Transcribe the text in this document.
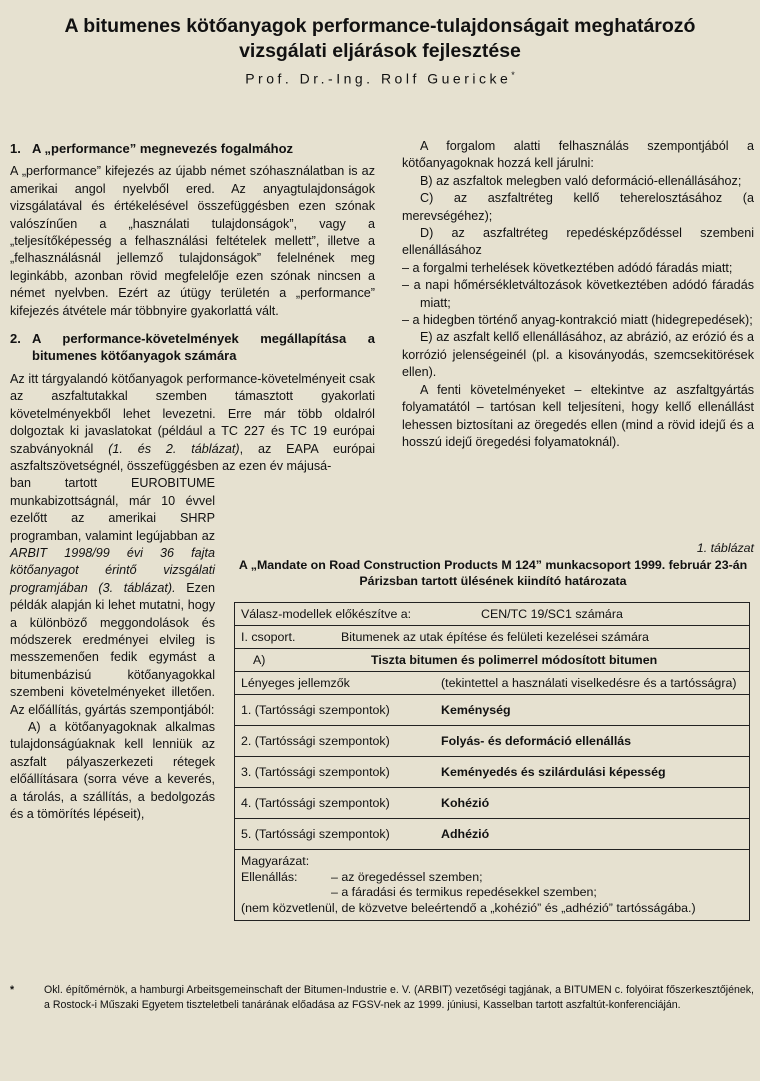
A bitumenes kötőanyagok performance-tulajdonságait meghatározó vizsgálati eljárások fejlesztése
Prof. Dr.-Ing. Rolf Guericke*

1. A „performance” megnevezés fogalmához

A „performance” kifejezés az újabb német szóhasználatban is az amerikai angol nyelvből ered. Az anyagtulajdonságok vizsgálatával és értékelésével összefüggésben ezen szónak valószínűen a „használati tulajdonságok”, vagy a „teljesítőképesség a felhasználási feltételek mellett”, illetve a „felhasználásnál jellemző tulajdonságok” felelnének meg leginkább, azonban rövid megfelelője ezen szónak nincsen a német nyelvben. Ezért az útügy területén a „performance” kifejezés átvétele már többnyire gyakorlattá vált.

2. A performance-követelmények megállapítása a bitumenes kötőanyagok számára

Az itt tárgyalandó kötőanyagok performance-követelményeit csak az aszfaltutakkal szemben támasztott gyakorlati követelményekből lehet levezetni. Erre már több oldalról dolgoztak ki javaslatokat (például a TC 227 és TC 19 európai szabványoknál (1. és 2. táblázat), az EAPA európai aszfaltszövetségnél, összefüggésben az ezen év májusá-

ban tartott EUROBITUME munkabizottságnál, már 10 évvel ezelőtt az amerikai SHRP programban, valamint legújabban az ARBIT 1998/99 évi 36 fajta kötőanyagot érintő vizsgálati programjában (3. táblázat). Ezen példák alapján ki lehet mutatni, hogy a különböző meggondolások és módszerek eredményei elvileg is messzemenően fedik egymást a bitumenbázisú kötőanyagokkal szembeni követelményeket illetően. Az előállítás, gyártás szempontjából:

A) a kötőanyagoknak alkalmas tulajdonságúaknak kell lenniük az aszfalt pályaszerkezeti rétegek előállításara (sorra véve a keverés, a tárolás, a szállítás, a bedolgozás és a tömörítés lépéseit),

A forgalom alatti felhasználás szempontjából a kötőanyagoknak hozzá kell járulni:

B) az aszfaltok melegben való deformáció-ellenállásához;

C) az aszfaltréteg kellő teherelosztásához (a merevségéhez);

D) az aszfaltréteg repedésképződéssel szembeni ellenállásához

– a forgalmi terhelések következtében adódó fáradás miatt;

– a napi hőmérsékletváltozások következtében adódó fáradás miatt;

– a hidegben történő anyag-kontrakció miatt (hidegrepedések);

E) az aszfalt kellő ellenállásához, az abrázió, az erózió és a korrózió jelenségeinél (pl. a kisoványodás, szemcsekitörések ellen).

A fenti követelményeket – eltekintve az aszfaltgyártás folyamatától – tartósan kell teljesíteni, hogy kellő ellenállást lehessen biztosítani az öregedés ellen (mind a rövid idejű és a hosszú idejű öregedési folyamatoknál).

1. táblázat
A „Mandate on Road Construction Products M 124” munkacsoport 1999. február 23-án Párizsban tartott ülésének kiindító határozata
Válasz-modellek előkészítve a:	CEN/TC 19/SC1 számára

I. csoport.	Bitumenek az utak építése és felületi kezelései számára

A)	Tiszta bitumen és polimerrel módosított bitumen

Lényeges jellemzők	(tekintettel a használati viselkedésre és a tartósságra)

1. (Tartóssági szempontok)	Keménység

2. (Tartóssági szempontok)	Folyás- és deformáció ellenállás

3. (Tartóssági szempontok)	Keményedés és szilárdulási képesség

4. (Tartóssági szempontok)	Kohézió

5. (Tartóssági szempontok)	Adhézió

Magyarázat:
Ellenállás:	– az öregedéssel szemben;
– a fáradási és termikus repedésekkel szemben;
(nem közvetlenül, de közvetve beleértendő a „kohézió” és „adhézió” tartósságába.)
*	Okl. építőmérnök, a hamburgi Arbeitsgemeinschaft der Bitumen-Industrie e. V. (ARBIT) vezetőségi tagjának, a BITUMEN c. folyóirat főszerkesztőjének, a Rostock-i Műszaki Egyetem tiszteletbeli tanárának előadása az FGSV-nek az 1999. júniusi, Kasselban tartott aszfaltút-konferenciáján.
